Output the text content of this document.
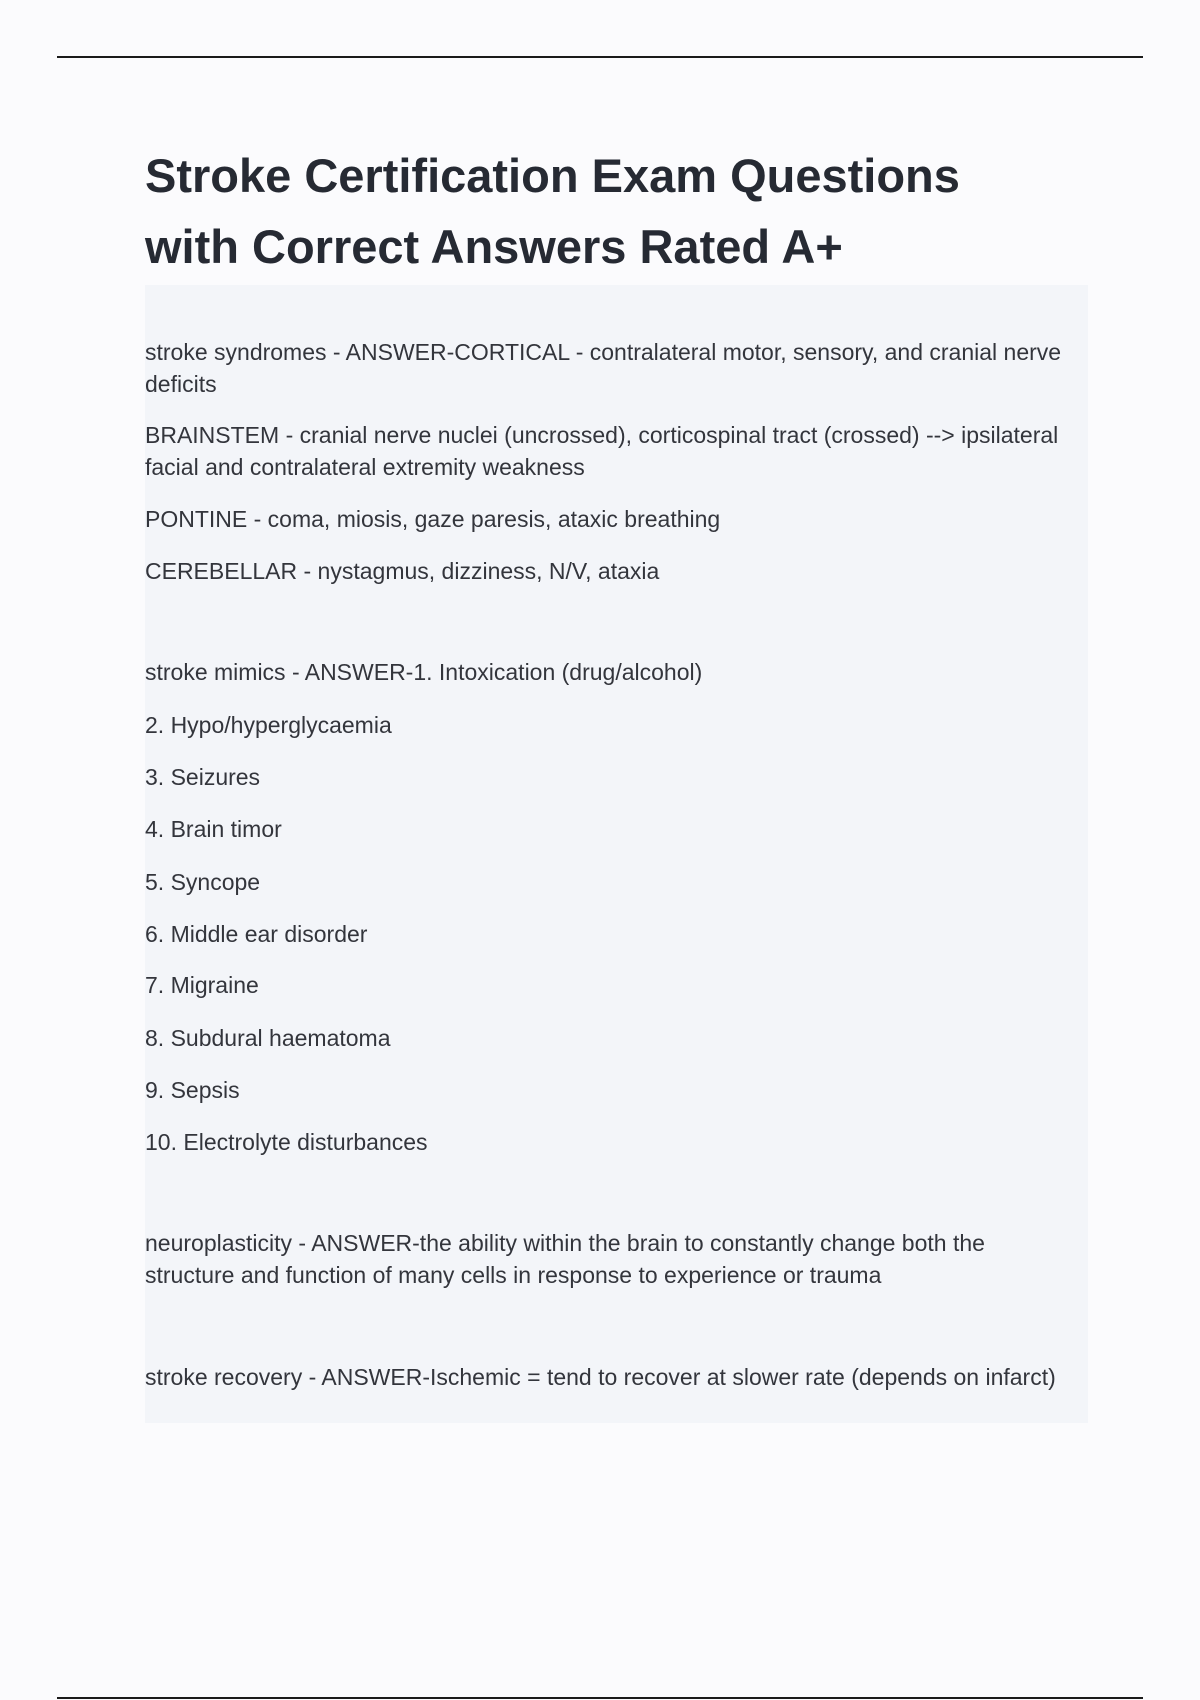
Stroke Certification Exam Questions
with Correct Answers Rated A+

stroke syndromes - ANSWER-CORTICAL - contralateral motor, sensory, and cranial nerve deficits

BRAINSTEM - cranial nerve nuclei (uncrossed), corticospinal tract (crossed) --> ipsilateral facial and contralateral extremity weakness

PONTINE - coma, miosis, gaze paresis, ataxic breathing

CEREBELLAR - nystagmus, dizziness, N/V, ataxia

stroke mimics - ANSWER-1. Intoxication (drug/alcohol)

2. Hypo/hyperglycaemia

3. Seizures

4. Brain timor

5. Syncope

6. Middle ear disorder

7. Migraine

8. Subdural haematoma

9. Sepsis

10. Electrolyte disturbances

neuroplasticity - ANSWER-the ability within the brain to constantly change both the structure and function of many cells in response to experience or trauma

stroke recovery - ANSWER-Ischemic = tend to recover at slower rate (depends on infarct)
